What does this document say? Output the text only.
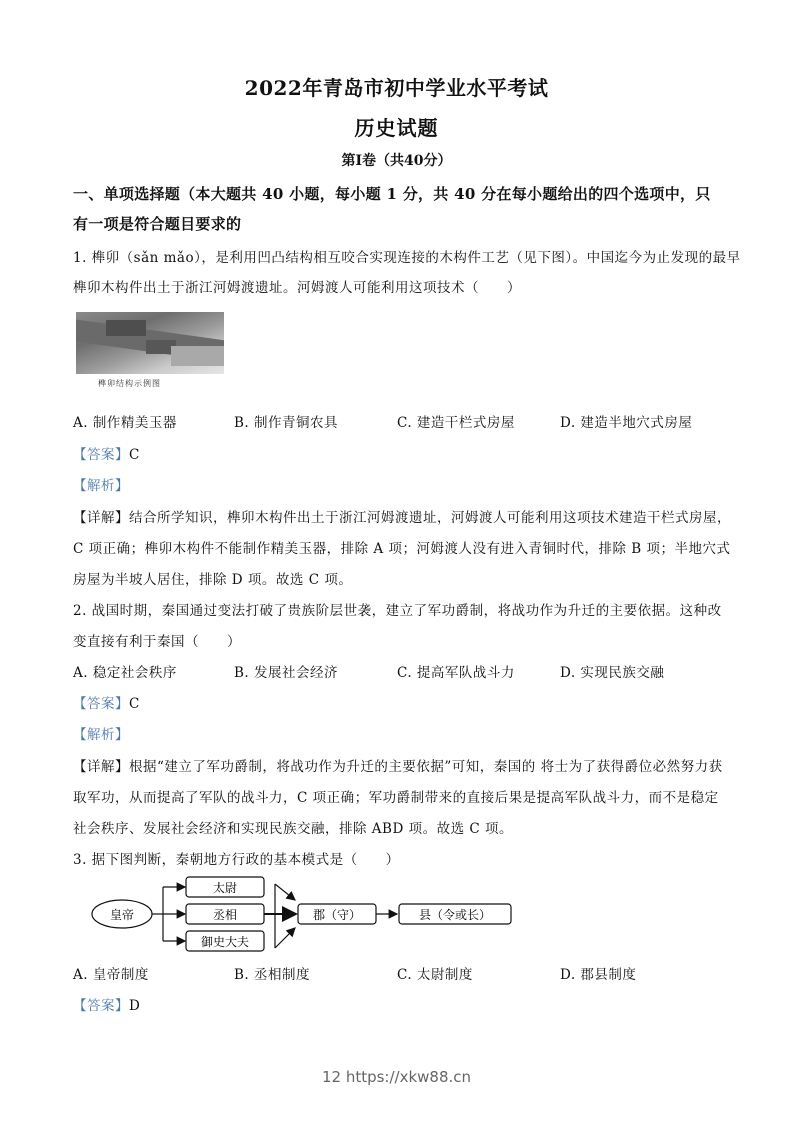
2022年青岛市初中学业水平考试
历史试题
第Ⅰ卷（共40分）
一、单项选择题（本大题共 40 小题，每小题 1 分，共 40 分在每小题给出的四个选项中，只
有一项是符合题目要求的
1. 榫卯（sǎn mǎo），是利用凹凸结构相互咬合实现连接的木构件工艺（见下图）。中国迄今为止发现的最早
榫卯木构件出土于浙江河姆渡遗址。河姆渡人可能利用这项技术（　　）
榫卯结构示例图
A. 制作精美玉器	B. 制作青铜农具	C. 建造干栏式房屋	D. 建造半地穴式房屋
【答案】C
【解析】
【详解】结合所学知识，榫卯木构件出土于浙江河姆渡遗址，河姆渡人可能利用这项技术建造干栏式房屋，
C 项正确；榫卯木构件不能制作精美玉器，排除 A 项；河姆渡人没有进入青铜时代，排除 B 项；半地穴式
房屋为半坡人居住，排除 D 项。故选 C 项。
2. 战国时期，秦国通过变法打破了贵族阶层世袭，建立了军功爵制，将战功作为升迁的主要依据。这种改
变直接有利于秦国（　　）
A. 稳定社会秩序	B. 发展社会经济	C. 提高军队战斗力	D. 实现民族交融
【答案】C
【解析】
【详解】根据“建立了军功爵制，将战功作为升迁的主要依据”可知，秦国的 将士为了获得爵位必然努力获
取军功，从而提高了军队的战斗力，C 项正确；军功爵制带来的直接后果是提高军队战斗力，而不是稳定
社会秩序、发展社会经济和实现民族交融，排除 ABD 项。故选 C 项。
3. 据下图判断，秦朝地方行政的基本模式是（　　）
皇帝
太尉
丞相
御史大夫
郡（守）	县（令或长）
A. 皇帝制度	B. 丞相制度	C. 太尉制度	D. 郡县制度
【答案】D
12 https://xkw88.cn
